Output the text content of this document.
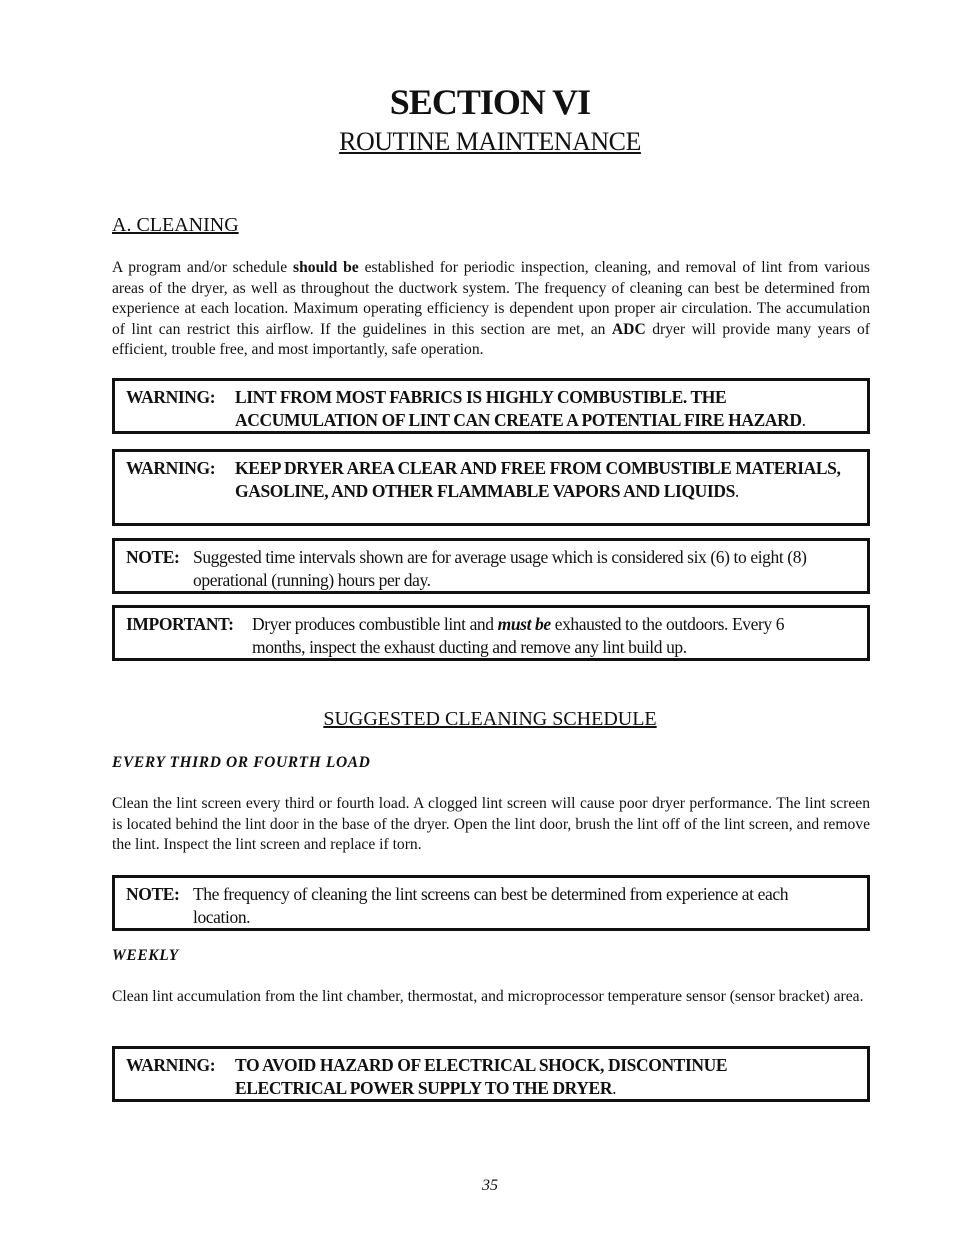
SECTION VI
ROUTINE MAINTENANCE
A. CLEANING

A program and/or schedule should be established for periodic inspection, cleaning, and removal of lint from various areas of the dryer, as well as throughout the ductwork system. The frequency of cleaning can best be determined from experience at each location. Maximum operating efficiency is dependent upon proper air circulation. The accumulation of lint can restrict this airflow. If the guidelines in this section are met, an ADC dryer will provide many years of efficient, trouble free, and most importantly, safe operation.

WARNING:	LINT FROM MOST FABRICS IS HIGHLY COMBUSTIBLE. THE ACCUMULATION OF LINT CAN CREATE A POTENTIAL FIRE HAZARD.
WARNING:	KEEP DRYER AREA CLEAR AND FREE FROM COMBUSTIBLE MATERIALS, GASOLINE, AND OTHER FLAMMABLE VAPORS AND LIQUIDS.
NOTE: Suggested time intervals shown are for average usage which is considered six (6) to eight (8) operational (running) hours per day.
IMPORTANT:	Dryer produces combustible lint and must be exhausted to the outdoors. Every 6 months, inspect the exhaust ducting and remove any lint build up.
SUGGESTED CLEANING SCHEDULE
EVERY THIRD OR FOURTH LOAD

Clean the lint screen every third or fourth load. A clogged lint screen will cause poor dryer performance. The lint screen is located behind the lint door in the base of the dryer. Open the lint door, brush the lint off of the lint screen, and remove the lint. Inspect the lint screen and replace if torn.

NOTE: The frequency of cleaning the lint screens can best be determined from experience at each location.
WEEKLY

Clean lint accumulation from the lint chamber, thermostat, and microprocessor temperature sensor (sensor bracket) area.

WARNING:	TO AVOID HAZARD OF ELECTRICAL SHOCK, DISCONTINUE ELECTRICAL POWER SUPPLY TO THE DRYER.
35
